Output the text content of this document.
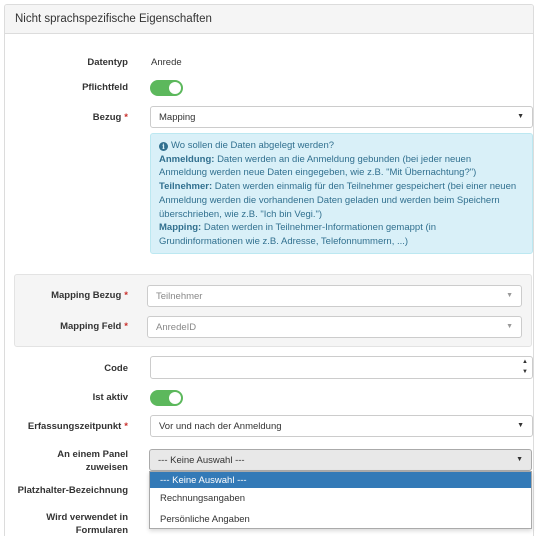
Nicht sprachspezifische Eigenschaften
Datentyp Anrede
Pflichtfeld
Bezug *	Mapping	▼
i Wo sollen die Daten abgelegt werden?
Anmeldung: Daten werden an die Anmeldung gebunden (bei jeder neuen
Anmeldung werden neue Daten eingegeben, wie z.B. "Mit Übernachtung?")
Teilnehmer: Daten werden einmalig für den Teilnehmer gespeichert (bei einer neuen
Anmeldung werden die vorhandenen Daten geladen und werden beim Speichern
überschrieben, wie z.B. "Ich bin Vegi.")
Mapping: Daten werden in Teilnehmer-Informationen gemappt (in
Grundinformationen wie z.B. Adresse, Telefonnummern, ...)
Mapping Bezug *	Teilnehmer	▼
Mapping Feld *	AnredeID	▼
Code
▲
▼
Ist aktiv
Erfassungszeitpunkt *	Vor und nach der Anmeldung	▼
An einem Panel
zuweisen
--- Keine Auswahl ---	▼
Platzhalter-Bezeichnung
Wird verwendet in
Formularen
--- Keine Auswahl ---
Rechnungsangaben
Persönliche Angaben
